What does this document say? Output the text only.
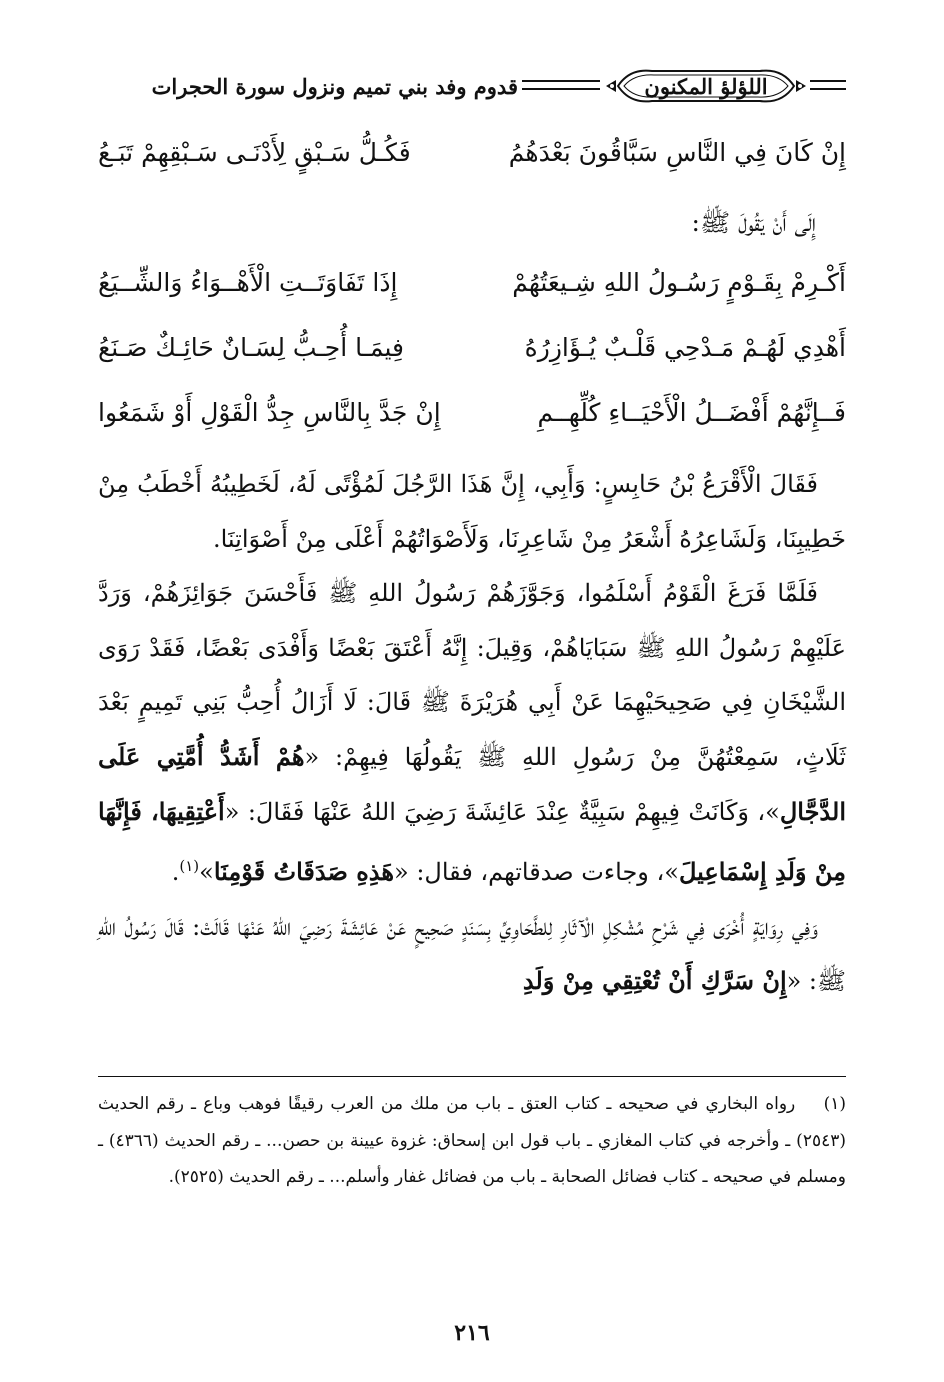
اللؤلؤ المكنون
قدوم وفد بني تميم ونزول سورة الحجرات
إِنْ كَانَ فِي النَّاسِ سَبَّاقُونَ بَعْدَهُمُ
فَكُـلُّ سَـبْقٍ لِأَدْنَـى سَـبْقِهِمْ تَبَـعُ
إِلَى أَنْ يَقُولَ ﷺ:
أَكْـرِمْ بِقَـوْمٍ رَسُـولُ اللهِ شِـيعَتُهُمْ
إِذَا تَفَاوَتَــتِ الْأَهْــوَاءُ وَالشِّــيَعُ
أَهْدِي لَهُـمْ مَـدْحِي قَلْـبٌ يُـؤَازِرُهُ
فِيمَـا أُحِـبُّ لِسَـانٌ حَائِـكٌ صَـنَعُ
فَــإِنَّهُمْ أَفْضَــلُ الْأَحْيَــاءِ كُلِّهِــمِ
إِنْ جَدَّ بِالنَّاسِ جِدُّ الْقَوْلِ أَوْ شَمَعُوا

فَقَالَ الْأَقْرَعُ بْنُ حَابِسٍ: وَأَبِي، إِنَّ هَذَا الرَّجُلَ لَمُؤْتًى لَهُ، لَخَطِيبُهُ أَخْطَبُ مِنْ خَطِيبِنَا، وَلَشَاعِرُهُ أَشْعَرُ مِنْ شَاعِرِنَا، وَلَأَصْوَاتُهُمْ أَعْلَى مِنْ أَصْوَاتِنَا.

فَلَمَّا فَرَغَ الْقَوْمُ أَسْلَمُوا، وَجَوَّزَهُمْ رَسُولُ اللهِ ﷺ فَأَحْسَنَ جَوَائِزَهُمْ، وَرَدَّ عَلَيْهِمْ رَسُولُ اللهِ ﷺ سَبَايَاهُمْ، وَقِيلَ: إِنَّهُ أَعْتَقَ بَعْضًا وَأَفْدَى بَعْضًا، فَقَدْ رَوَى الشَّيْخَانِ فِي صَحِيحَيْهِمَا عَنْ أَبِي هُرَيْرَةَ ﷺ قَالَ: لَا أَزَالُ أُحِبُّ بَنِي تَمِيمٍ بَعْدَ ثَلَاثٍ، سَمِعْتُهُنَّ مِنْ رَسُولِ اللهِ ﷺ يَقُولُهَا فِيهِمْ: «هُمْ أَشَدُّ أُمَّتِي عَلَى الدَّجَّالِ»، وَكَانَتْ فِيهِمْ سَبِيَّةٌ عِنْدَ عَائِشَةَ رَضِيَ اللهُ عَنْهَا فَقَالَ: «أَعْتِقِيهَا، فَإِنَّهَا مِنْ وَلَدِ إِسْمَاعِيلَ»، وجاءت صدقاتهم، فقال: «هَذِهِ صَدَقَاتُ قَوْمِنَا»$^{(١)}$.

وَفِي رِوَايَةٍ أُخْرَى فِي شَرْحِ مُشْكِلِ الْآثَارِ لِلطَّحَاوِيِّ بِسَنَدٍ صَحِيحٍ عَنْ عَائِشَةَ رَضِيَ اللهُ عَنْهَا قَالَتْ: قَالَ رَسُولُ اللهِ ﷺ: «إِنْ سَرَّكِ أَنْ تُعْتِقِي مِنْ وَلَدِ

(١)    رواه البخاري في صحيحه ـ كتاب العتق ـ باب من ملك من العرب رقيقًا فوهب وباع ـ رقم الحديث (٢٥٤٣) ـ وأخرجه في كتاب المغازي ـ باب قول ابن إسحاق: غزوة عيينة بن حصن... ـ رقم الحديث (٤٣٦٦) ـ ومسلم في صحيحه ـ كتاب فضائل الصحابة ـ باب من فضائل غفار وأسلم... ـ رقم الحديث (٢٥٢٥).
٢١٦
